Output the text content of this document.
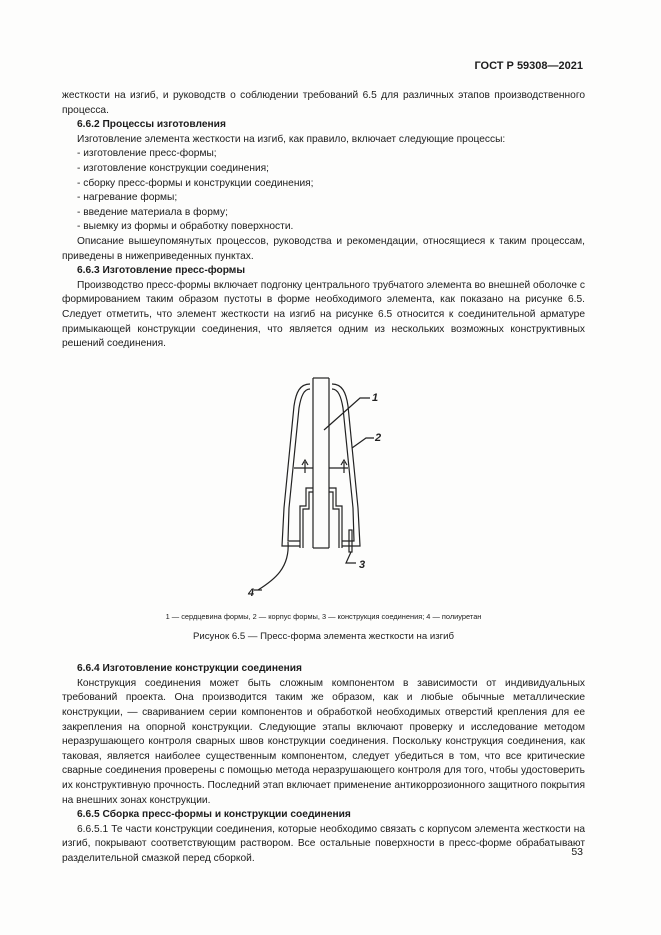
ГОСТ Р 59308—2021

жесткости на изгиб, и руководств о соблюдении требований 6.5 для различных этапов производственного процесса.

6.6.2 Процессы изготовления

Изготовление элемента жесткости на изгиб, как правило, включает следующие процессы:

- изготовление пресс-формы;

- изготовление конструкции соединения;

- сборку пресс-формы и конструкции соединения;

- нагревание формы;

- введение материала в форму;

- выемку из формы и обработку поверхности.

Описание вышеупомянутых процессов, руководства и рекомендации, относящиеся к таким процессам, приведены в нижеприведенных пунктах.

6.6.3 Изготовление пресс-формы

Производство пресс-формы включает подгонку центрального трубчатого элемента во внешней оболочке с формированием таким образом пустоты в форме необходимого элемента, как показано на рисунке 6.5. Следует отметить, что элемент жесткости на изгиб на рисунке 6.5 относится к соединительной арматуре примыкающей конструкции соединения, что является одним из нескольких возможных конструктивных решений соединения.

1
2
3
4

1 — сердцевина формы, 2 — корпус формы, 3 — конструкция соединения; 4 — полиуретан

Рисунок 6.5 — Пресс-форма элемента жесткости на изгиб

6.6.4 Изготовление конструкции соединения

Конструкция соединения может быть сложным компонентом в зависимости от индивидуальных требований проекта. Она производится таким же образом, как и любые обычные металлические конструкции, — свариванием серии компонентов и обработкой необходимых отверстий крепления для ее закрепления на опорной конструкции. Следующие этапы включают проверку и исследование методом неразрушающего контроля сварных швов конструкции соединения. Поскольку конструкция соединения, как таковая, является наиболее существенным компонентом, следует убедиться в том, что все критические сварные соединения проверены с помощью метода неразрушающего контроля для того, чтобы удостоверить их конструктивную прочность. Последний этап включает применение антикоррозионного защитного покрытия на внешних зонах конструкции.

6.6.5 Сборка пресс-формы и конструкции соединения

6.6.5.1 Те части конструкции соединения, которые необходимо связать с корпусом элемента жесткости на изгиб, покрывают соответствующим раствором. Все остальные поверхности в пресс-форме обрабатывают разделительной смазкой перед сборкой.

53
